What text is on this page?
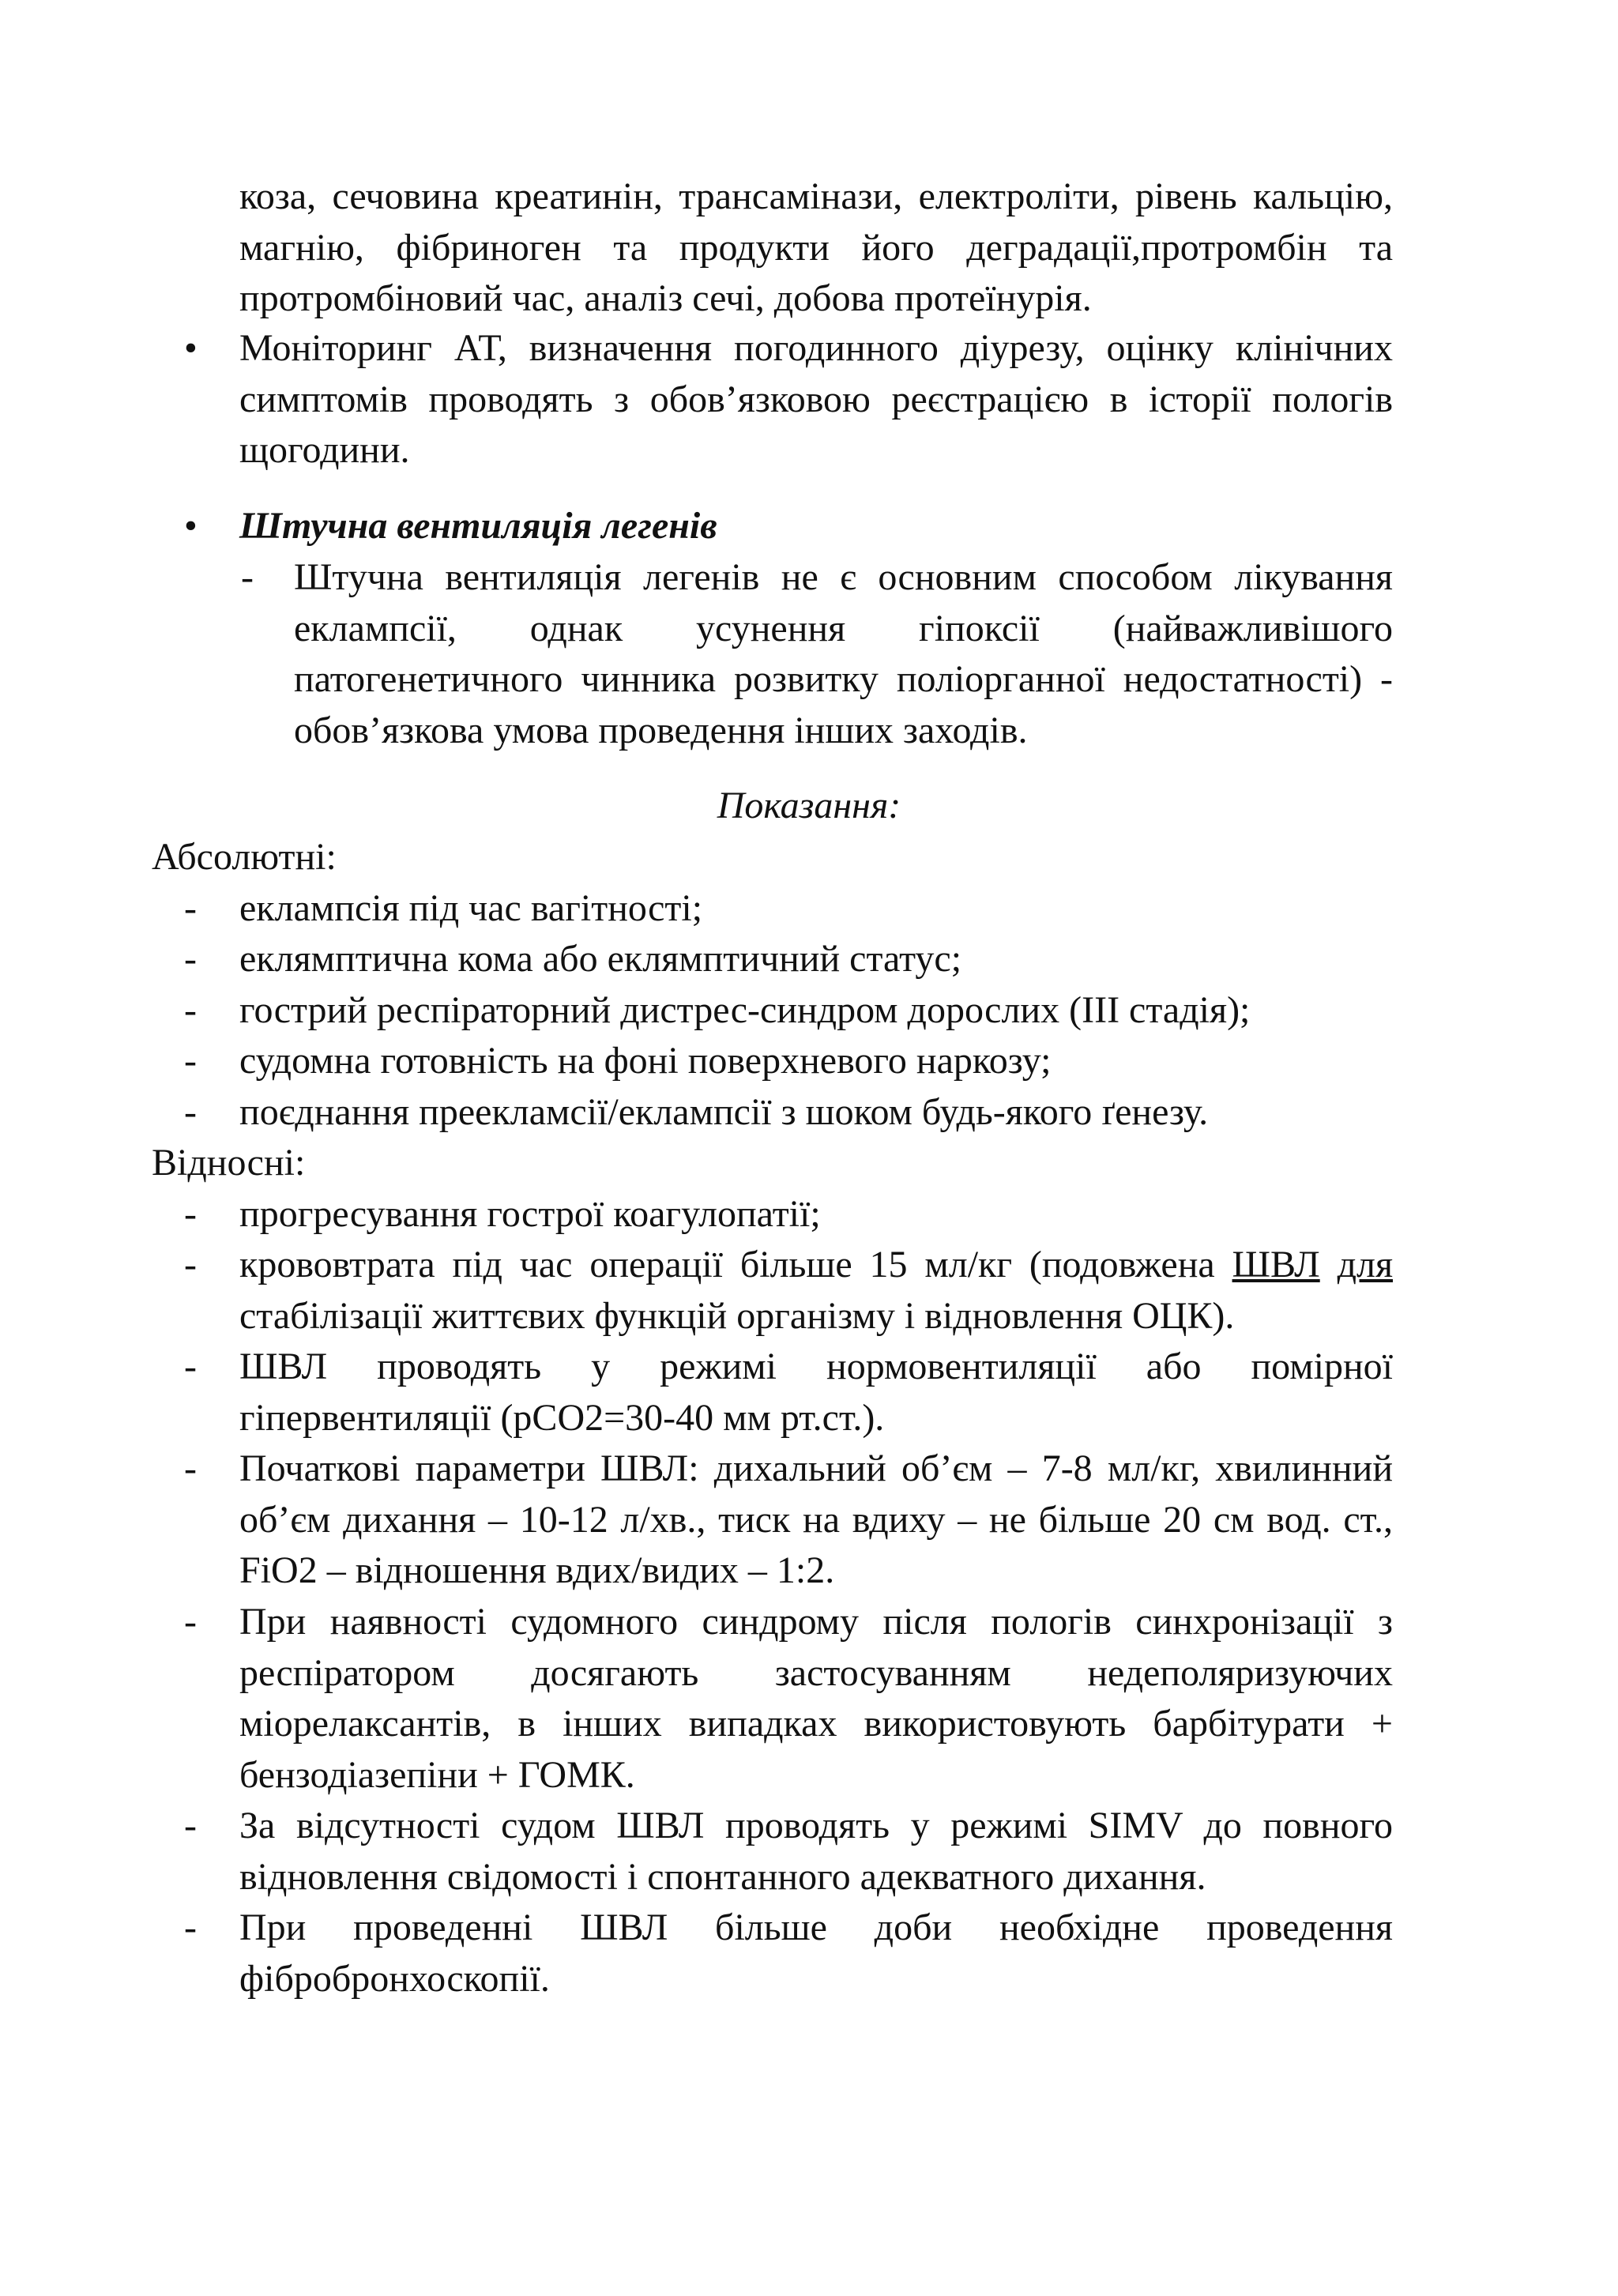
коза, сечовина креатинін, трансамінази, електроліти, рівень кальцію, магнію, фібриноген та продукти його деградації,протромбін та протромбіновий час, аналіз сечі, добова протеїнурія.

• Моніторинг АТ, визначення погодинного діурезу, оцінку клінічних симптомів проводять з обов’язковою реєстрацією в історії пологів щогодини.
• Штучна вентиляція легенів
- Штучна вентиляція легенів не є основним способом лікування еклампсії, однак усунення гіпоксії (найважливішого патогенетичного чинника розвитку поліорганної недостатності) - обов’язкова умова проведення інших заходів.
Показання:
Абсолютні:
- еклампсія під час вагітності;
- еклямптична кома або еклямптичний статус;
- гострий респіраторний дистрес-синдром дорослих (III стадія);
- судомна готовність на фоні поверхневого наркозу;
- поєднання преекламсії/еклампсії з шоком будь-якого ґенезу.
Відносні:
- прогресування гострої коагулопатії;
- крововтрата під час операції більше 15 мл/кг (подовжена ШВЛ для стабілізації життєвих функцій організму і відновлення ОЦК).
- ШВЛ проводять у режимі нормовентиляції або помірної гіпервентиляції (рСО2=30-40 мм рт.ст.).
- Початкові параметри ШВЛ: дихальний об’єм – 7-8 мл/кг, хвилинний об’єм дихання – 10-12 л/хв., тиск на вдиху – не більше 20 см вод. ст., FiO2 – відношення вдих/видих – 1:2.
- При наявності судомного синдрому після пологів синхронізації з респіратором досягають застосуванням недеполяризуючих міорелаксантів, в інших випадках використовують барбітурати + бензодіазепіни + ГОМК.
- За відсутності судом ШВЛ проводять у режимі SIMV до повного відновлення свідомості і спонтанного адекватного дихання.
- При проведенні ШВЛ більше доби необхідне проведення фібробронхоскопії.
